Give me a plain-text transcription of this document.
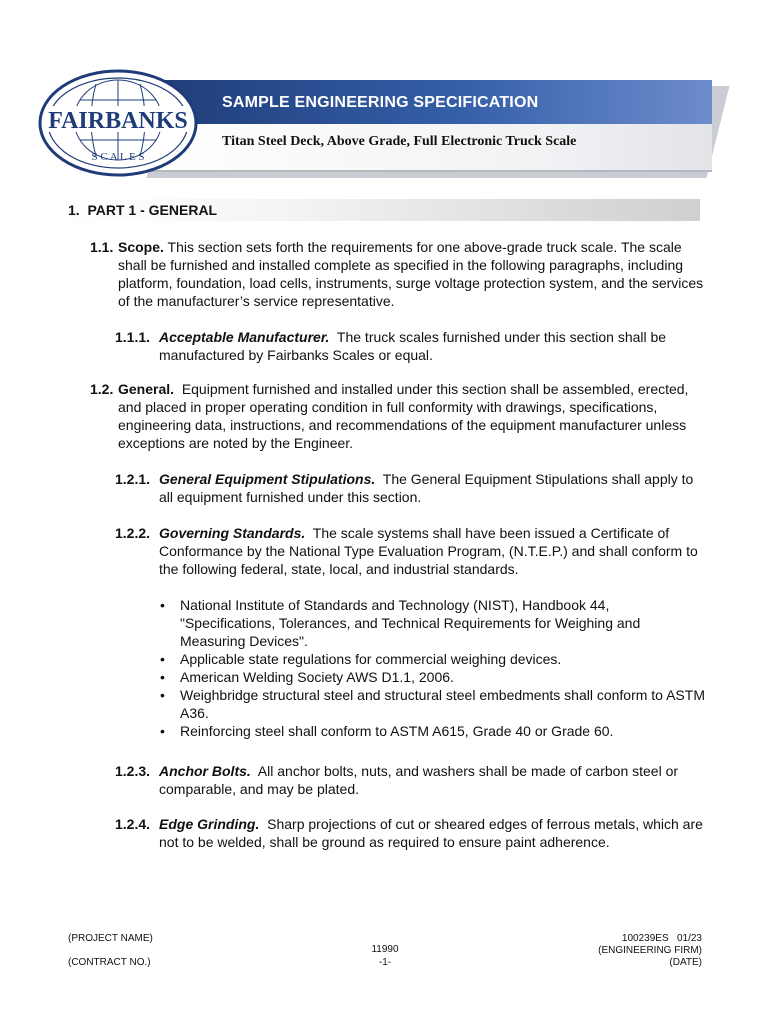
SAMPLE ENGINEERING SPECIFICATION
Titan Steel Deck, Above Grade, Full Electronic Truck Scale
FAIRBANKS
S C A L E S
1. PART 1 - GENERAL
1.1. Scope. This section sets forth the requirements for one above-grade truck scale. The scale shall be furnished and installed complete as specified in the following paragraphs, including platform, foundation, load cells, instruments, surge voltage protection system, and the services of the manufacturer’s service representative.
1.1.1. Acceptable Manufacturer. The truck scales furnished under this section shall be manufactured by Fairbanks Scales or equal.
1.2. General. Equipment furnished and installed under this section shall be assembled, erected, and placed in proper operating condition in full conformity with drawings, specifications, engineering data, instructions, and recommendations of the equipment manufacturer unless exceptions are noted by the Engineer.
1.2.1. General Equipment Stipulations. The General Equipment Stipulations shall apply to all equipment furnished under this section.
1.2.2. Governing Standards. The scale systems shall have been issued a Certificate of Conformance by the National Type Evaluation Program, (N.T.E.P.) and shall conform to the following federal, state, local, and industrial standards.
• National Institute of Standards and Technology (NIST), Handbook 44, "Specifications, Tolerances, and Technical Requirements for Weighing and Measuring Devices".
• Applicable state regulations for commercial weighing devices.
• American Welding Society AWS D1.1, 2006.
• Weighbridge structural steel and structural steel embedments shall conform to ASTM A36.
• Reinforcing steel shall conform to ASTM A615, Grade 40 or Grade 60.
1.2.3. Anchor Bolts. All anchor bolts, nuts, and washers shall be made of carbon steel or comparable, and may be plated.
1.2.4. Edge Grinding. Sharp projections of cut or sheared edges of ferrous metals, which are not to be welded, shall be ground as required to ensure paint adherence.
(PROJECT NAME)
(CONTRACT NO.)
11990
-1-
100239ES   01/23
(ENGINEERING FIRM)
(DATE)
